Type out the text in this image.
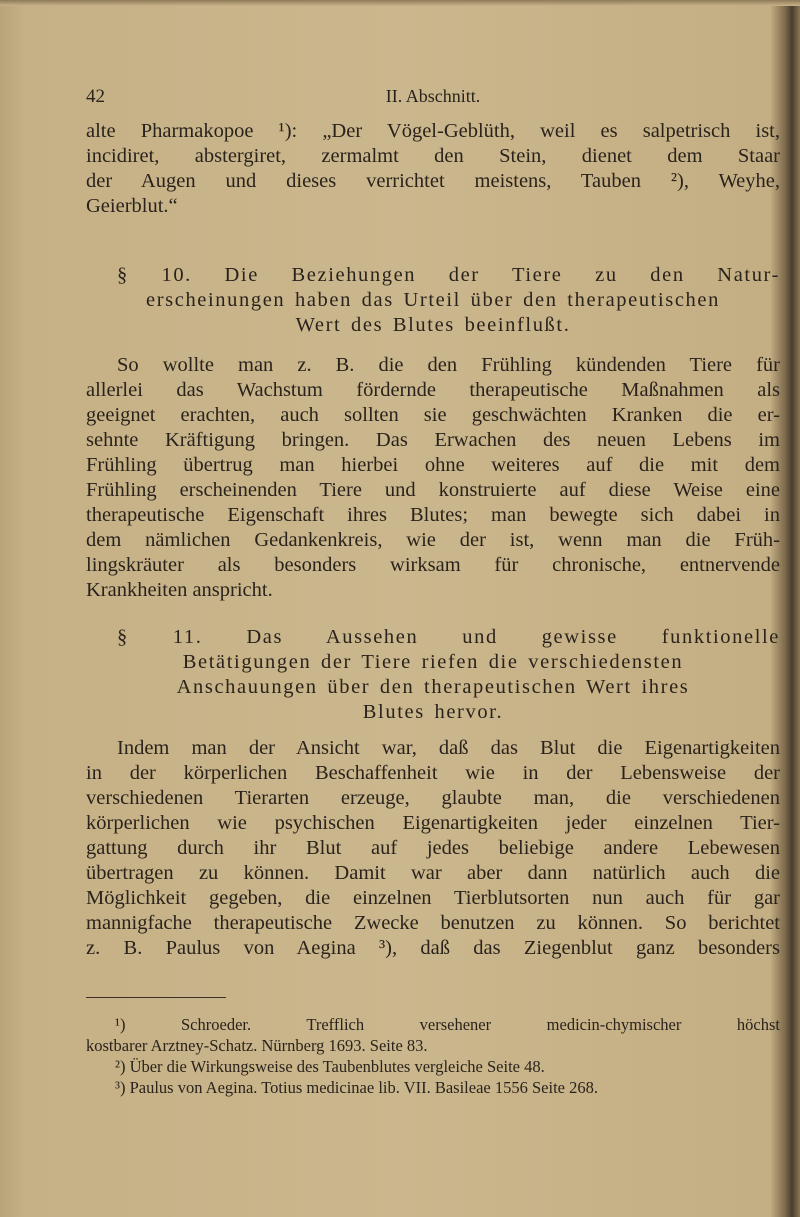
42	II. Abschnitt.
alte Pharmakopoe ¹): „Der Vögel-Geblüth, weil es salpetrisch ist,
incidiret, abstergiret, zermalmt den Stein, dienet dem Staar
der Augen und dieses verrichtet meistens, Tauben ²), Weyhe,
Geierblut.“
§ 10. Die Beziehungen der Tiere zu den Natur-
erscheinungen haben das Urteil über den therapeutischen
Wert des Blutes beeinflußt.
So wollte man z. B. die den Frühling kündenden Tiere für
allerlei das Wachstum fördernde therapeutische Maßnahmen als
geeignet erachten, auch sollten sie geschwächten Kranken die er-
sehnte Kräftigung bringen. Das Erwachen des neuen Lebens im
Frühling übertrug man hierbei ohne weiteres auf die mit dem
Frühling erscheinenden Tiere und konstruierte auf diese Weise eine
therapeutische Eigenschaft ihres Blutes; man bewegte sich dabei in
dem nämlichen Gedankenkreis, wie der ist, wenn man die Früh-
lingskräuter als besonders wirksam für chronische, entnervende
Krankheiten anspricht.
§ 11. Das Aussehen und gewisse funktionelle
Betätigungen der Tiere riefen die verschiedensten
Anschauungen über den therapeutischen Wert ihres
Blutes hervor.
Indem man der Ansicht war, daß das Blut die Eigenartigkeiten
in der körperlichen Beschaffenheit wie in der Lebensweise der
verschiedenen Tierarten erzeuge, glaubte man, die verschiedenen
körperlichen wie psychischen Eigenartigkeiten jeder einzelnen Tier-
gattung durch ihr Blut auf jedes beliebige andere Lebewesen
übertragen zu können. Damit war aber dann natürlich auch die
Möglichkeit gegeben, die einzelnen Tierblutsorten nun auch für gar
mannigfache therapeutische Zwecke benutzen zu können. So berichtet
z. B. Paulus von Aegina ³), daß das Ziegenblut ganz besonders
¹) Schroeder. Trefflich versehener medicin-chymischer höchst
kostbarer Arztney-Schatz. Nürnberg 1693. Seite 83.
²) Über die Wirkungsweise des Taubenblutes vergleiche Seite 48.
³) Paulus von Aegina. Totius medicinae lib. VII. Basileae 1556 Seite 268.
